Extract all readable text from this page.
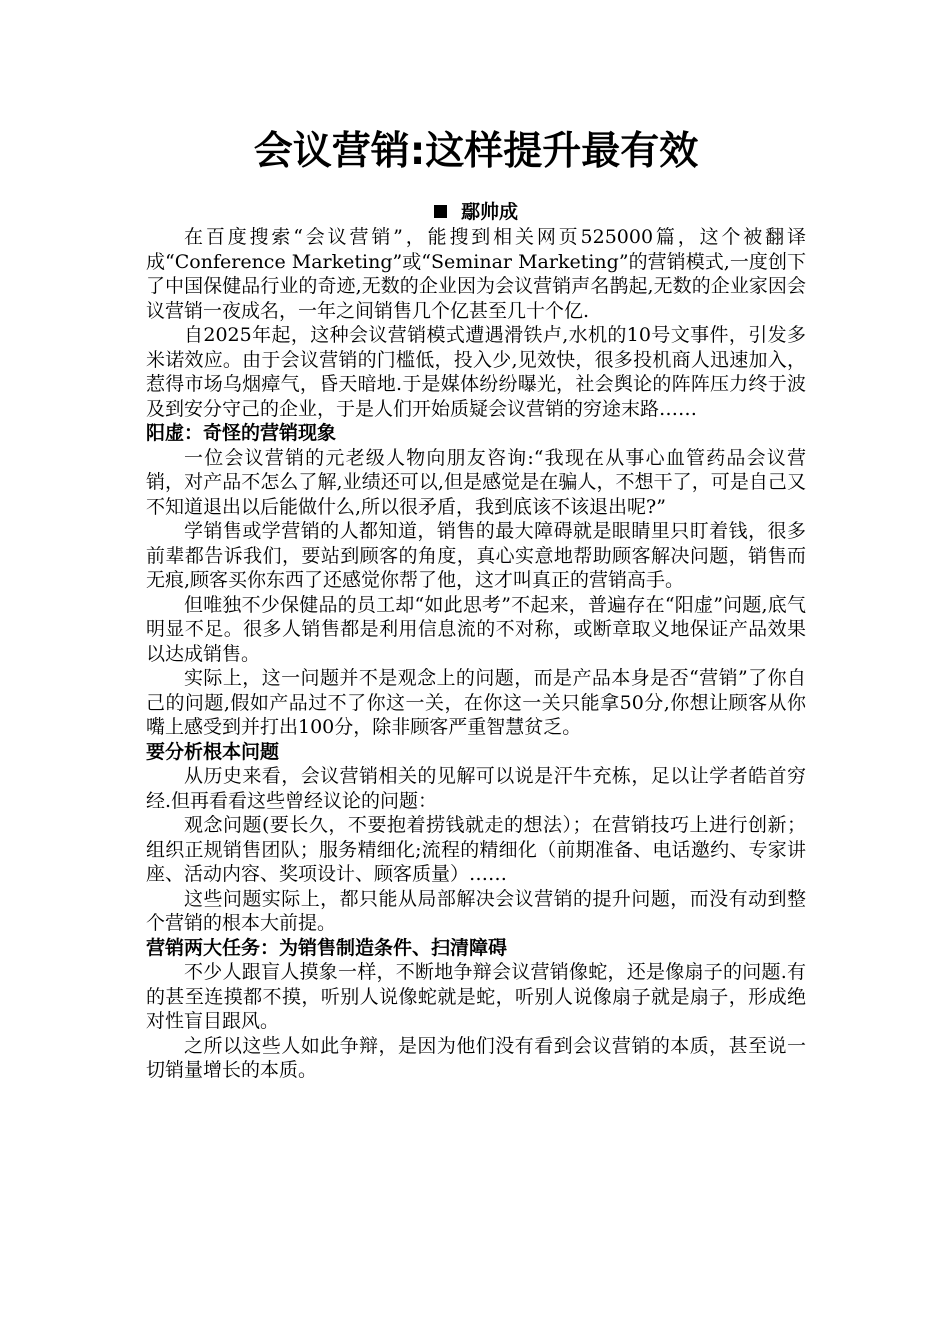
会议营销:这样提升最有效
鄢帅成

在百度搜索“会议营销”，能搜到相关网页525000篇，这个被翻译成“Conference Marketing”或“Seminar Marketing”的营销模式,一度创下了中国保健品行业的奇迹,无数的企业因为会议营销声名鹊起,无数的企业家因会议营销一夜成名，一年之间销售几个亿甚至几十个亿.

自2025年起，这种会议营销模式遭遇滑铁卢,水机的10号文事件，引发多米诺效应。由于会议营销的门槛低，投入少,见效快，很多投机商人迅速加入，惹得市场乌烟瘴气，昏天暗地.于是媒体纷纷曝光，社会舆论的阵阵压力终于波及到安分守己的企业，于是人们开始质疑会议营销的穷途末路……

阳虚：奇怪的营销现象

一位会议营销的元老级人物向朋友咨询:“我现在从事心血管药品会议营销，对产品不怎么了解,业绩还可以,但是感觉是在骗人，不想干了，可是自己又不知道退出以后能做什么,所以很矛盾，我到底该不该退出呢?”

学销售或学营销的人都知道，销售的最大障碍就是眼睛里只盯着钱，很多前辈都告诉我们，要站到顾客的角度，真心实意地帮助顾客解决问题，销售而无痕,顾客买你东西了还感觉你帮了他，这才叫真正的营销高手。

但唯独不少保健品的员工却“如此思考”不起来，普遍存在“阳虚”问题,底气明显不足。很多人销售都是利用信息流的不对称，或断章取义地保证产品效果以达成销售。

实际上，这一问题并不是观念上的问题，而是产品本身是否“营销”了你自己的问题,假如产品过不了你这一关，在你这一关只能拿50分,你想让顾客从你嘴上感受到并打出100分，除非顾客严重智慧贫乏。

要分析根本问题

从历史来看，会议营销相关的见解可以说是汗牛充栋，足以让学者皓首穷经.但再看看这些曾经议论的问题：

观念问题(要长久，不要抱着捞钱就走的想法）；在营销技巧上进行创新；组织正规销售团队；服务精细化;流程的精细化（前期准备、电话邀约、专家讲座、活动内容、奖项设计、顾客质量）……

这些问题实际上，都只能从局部解决会议营销的提升问题，而没有动到整个营销的根本大前提。

营销两大任务：为销售制造条件、扫清障碍

不少人跟盲人摸象一样，不断地争辩会议营销像蛇，还是像扇子的问题.有的甚至连摸都不摸，听别人说像蛇就是蛇，听别人说像扇子就是扇子，形成绝对性盲目跟风。

之所以这些人如此争辩，是因为他们没有看到会议营销的本质，甚至说一切销量增长的本质。
